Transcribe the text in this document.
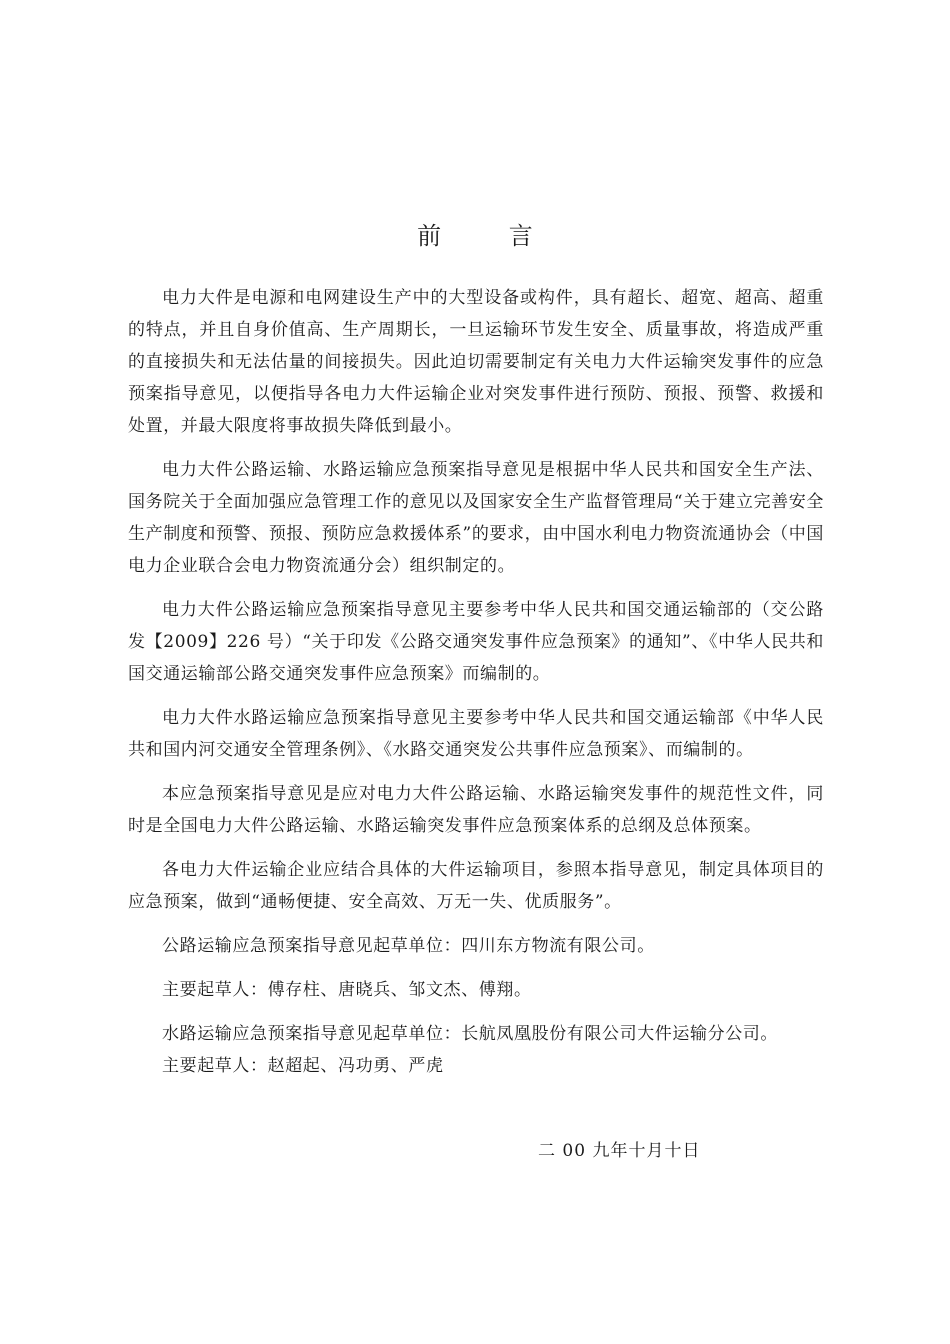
前 言

电力大件是电源和电网建设生产中的大型设备或构件，具有超长、超宽、超高、超重的特点，并且自身价值高、生产周期长，一旦运输环节发生安全、质量事故，将造成严重的直接损失和无法估量的间接损失。因此迫切需要制定有关电力大件运输突发事件的应急预案指导意见，以便指导各电力大件运输企业对突发事件进行预防、预报、预警、救援和处置，并最大限度将事故损失降低到最小。

电力大件公路运输、水路运输应急预案指导意见是根据中华人民共和国安全生产法、国务院关于全面加强应急管理工作的意见以及国家安全生产监督管理局“关于建立完善安全生产制度和预警、预报、预防应急救援体系”的要求，由中国水利电力物资流通协会（中国电力企业联合会电力物资流通分会）组织制定的。

电力大件公路运输应急预案指导意见主要参考中华人民共和国交通运输部的（交公路发【2009】226 号）“关于印发《公路交通突发事件应急预案》的通知”、《中华人民共和国交通运输部公路交通突发事件应急预案》而编制的。

电力大件水路运输应急预案指导意见主要参考中华人民共和国交通运输部《中华人民共和国内河交通安全管理条例》、《水路交通突发公共事件应急预案》、而编制的。

本应急预案指导意见是应对电力大件公路运输、水路运输突发事件的规范性文件，同时是全国电力大件公路运输、水路运输突发事件应急预案体系的总纲及总体预案。

各电力大件运输企业应结合具体的大件运输项目，参照本指导意见，制定具体项目的应急预案，做到“通畅便捷、安全高效、万无一失、优质服务”。

公路运输应急预案指导意见起草单位：四川东方物流有限公司。

主要起草人：傅存柱、唐晓兵、邹文杰、傅翔。

水路运输应急预案指导意见起草单位：长航凤凰股份有限公司大件运输分公司。

主要起草人：赵超起、冯功勇、严虎

二 00 九年十月十日
